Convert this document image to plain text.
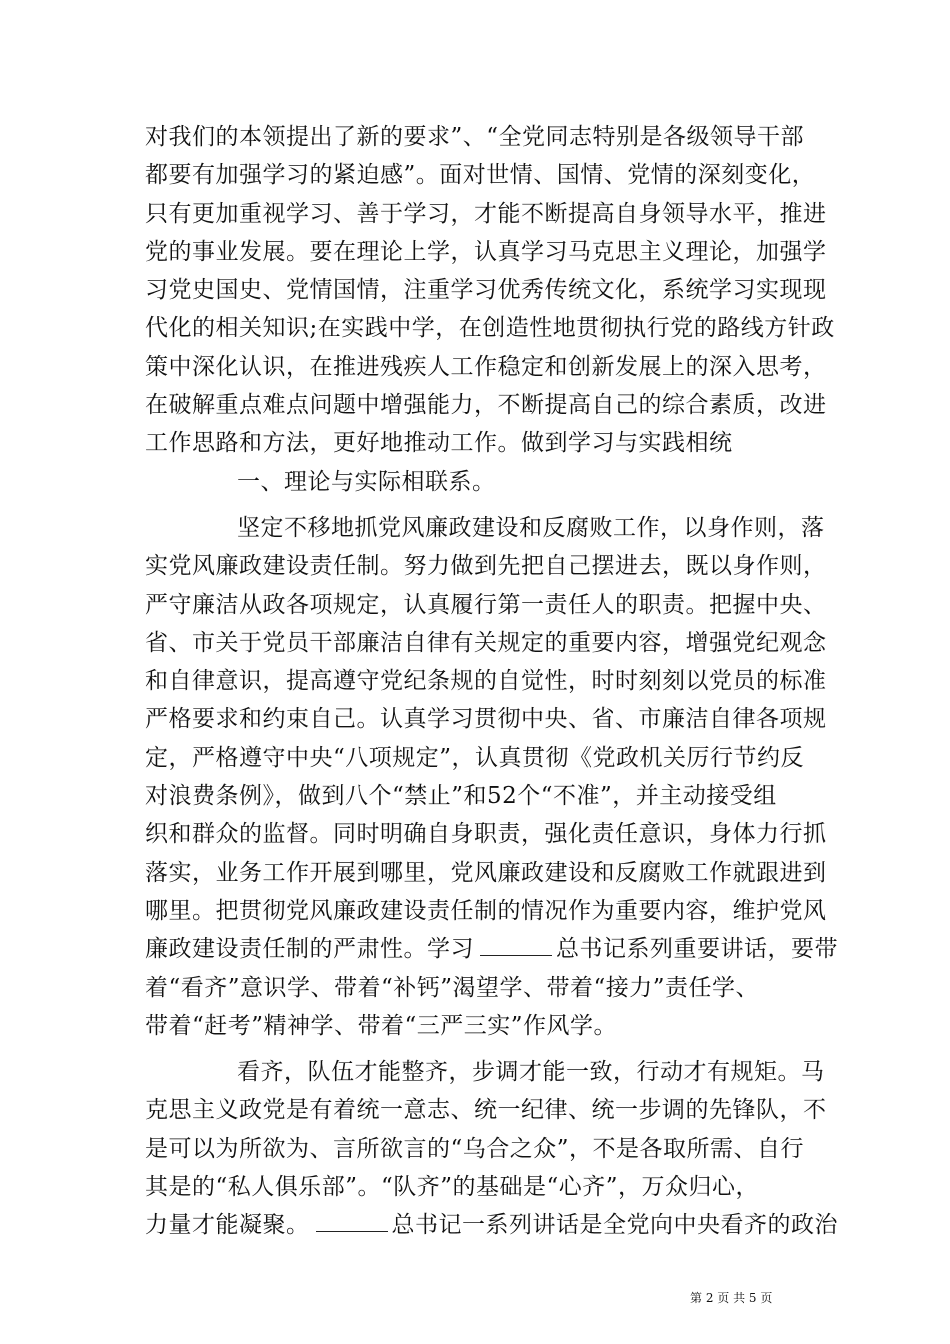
对我们的本领提出了新的要求”、“全党同志特别是各级领导干部
都要有加强学习的紧迫感”。面对世情、国情、党情的深刻变化，
只有更加重视学习、善于学习，才能不断提高自身领导水平，推进
党的事业发展。要在理论上学，认真学习马克思主义理论，加强学
习党史国史、党情国情，注重学习优秀传统文化，系统学习实现现
代化的相关知识;在实践中学，在创造性地贯彻执行党的路线方针政
策中深化认识，在推进残疾人工作稳定和创新发展上的深入思考，
在破解重点难点问题中增强能力，不断提高自己的综合素质，改进
工作思路和方法，更好地推动工作。做到学习与实践相统
一、理论与实际相联系。
坚定不移地抓党风廉政建设和反腐败工作，以身作则，落
实党风廉政建设责任制。努力做到先把自己摆进去，既以身作则，
严守廉洁从政各项规定，认真履行第一责任人的职责。把握中央、
省、市关于党员干部廉洁自律有关规定的重要内容，增强党纪观念
和自律意识，提高遵守党纪条规的自觉性，时时刻刻以党员的标准
严格要求和约束自己。认真学习贯彻中央、省、市廉洁自律各项规
定，严格遵守中央“八项规定”，认真贯彻《党政机关厉行节约反
对浪费条例》，做到八个“禁止”和52个“不准”，并主动接受组
织和群众的监督。同时明确自身职责，强化责任意识，身体力行抓
落实，业务工作开展到哪里，党风廉政建设和反腐败工作就跟进到
哪里。把贯彻党风廉政建设责任制的情况作为重要内容，维护党风
廉政建设责任制的严肃性。学习	总书记系列重要讲话，要带
着“看齐”意识学、带着“补钙”渴望学、带着“接力”责任学、
带着“赶考”精神学、带着“三严三实”作风学。
看齐，队伍才能整齐，步调才能一致，行动才有规矩。马
克思主义政党是有着统一意志、统一纪律、统一步调的先锋队，不
是可以为所欲为、言所欲言的“乌合之众”，不是各取所需、自行
其是的“私人俱乐部”。“队齐”的基础是“心齐”，万众归心，
力量才能凝聚。	总书记一系列讲话是全党向中央看齐的政治
第 2 页 共 5 页
